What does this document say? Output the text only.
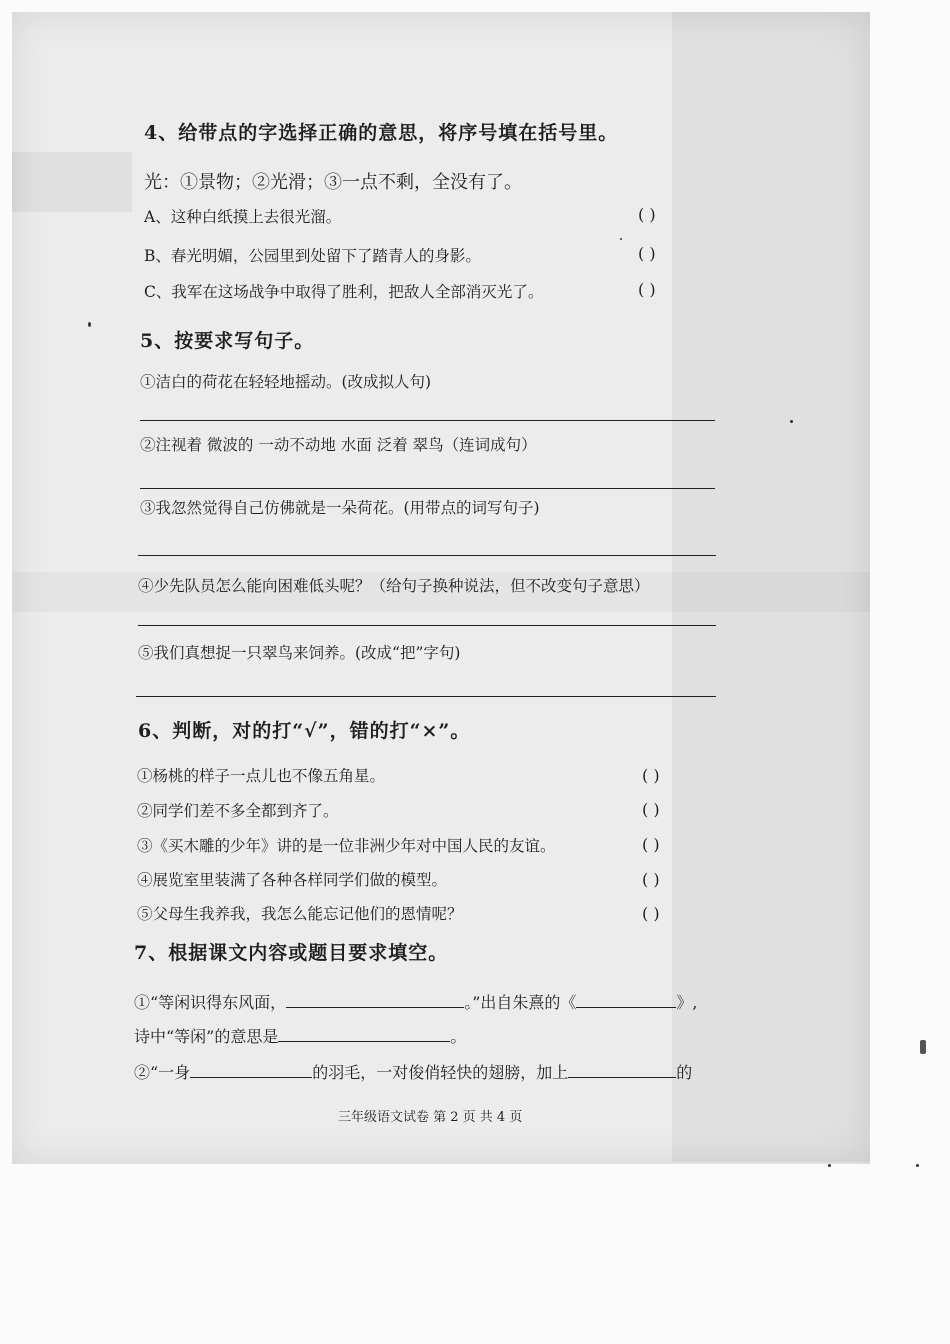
4、给带点的字选择正确的意思，将序号填在括号里。
光：①景物；②光滑；③一点不剩，全没有了。
A、这种白纸摸上去很光溜。	( )
B、春光明媚，公园里到处留下了踏青人的身影。	( )
C、我军在这场战争中取得了胜利，把敌人全部消灭光了。	( )
5、按要求写句子。
①洁白的荷花在轻轻地摇动。(改成拟人句)
②注视着 微波的 一动不动地 水面 泛着 翠鸟（连词成句）
③我忽然觉得自己仿佛就是一朵荷花。(用带点的词写句子)
④少先队员怎么能向困难低头呢？（给句子换种说法，但不改变句子意思）
⑤我们真想捉一只翠鸟来饲养。(改成“把”字句)
6、判断，对的打“√”，错的打“×”。
①杨桃的样子一点儿也不像五角星。	( )
②同学们差不多全都到齐了。	( )
③《买木雕的少年》讲的是一位非洲少年对中国人民的友谊。	( )
④展览室里装满了各种各样同学们做的模型。	( )
⑤父母生我养我，我怎么能忘记他们的恩情呢？	( )
7、根据课文内容或题目要求填空。
①“等闲识得东风面，	。”出自朱熹的《	》,
诗中“等闲”的意思是	。
②“一身	的羽毛，一对俊俏轻快的翅膀，加上	的
三年级语文试卷 第 2 页 共 4 页
